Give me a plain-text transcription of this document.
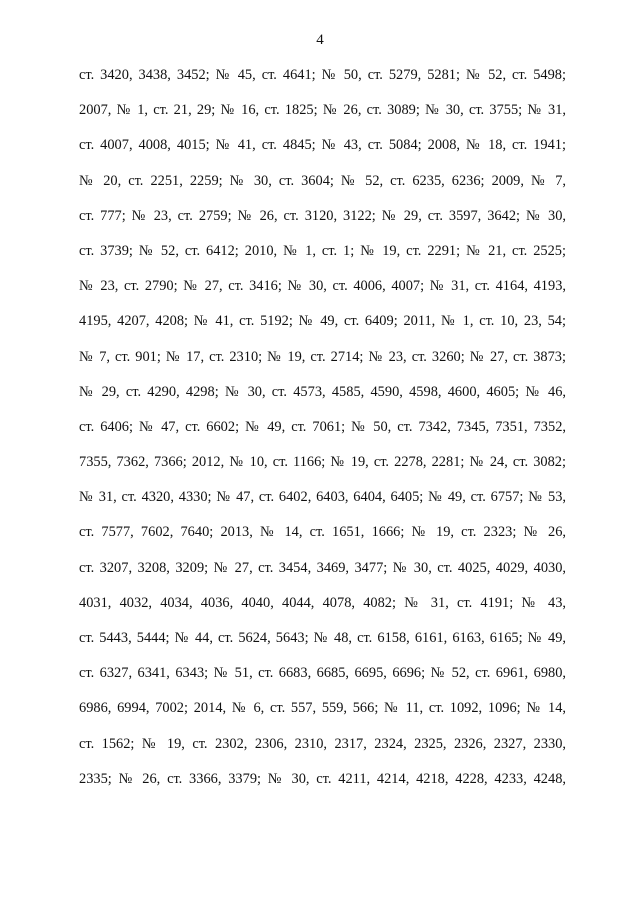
4
ст. 3420, 3438, 3452; № 45, ст. 4641; № 50, ст. 5279, 5281; № 52, ст. 5498;
2007, № 1, ст. 21, 29; № 16, ст. 1825; № 26, ст. 3089; № 30, ст. 3755; № 31,
ст. 4007, 4008, 4015; № 41, ст. 4845; № 43, ст. 5084; 2008, № 18, ст. 1941;
№ 20, ст. 2251, 2259; № 30, ст. 3604; № 52, ст. 6235, 6236; 2009, № 7,
ст. 777; № 23, ст. 2759; № 26, ст. 3120, 3122; № 29, ст. 3597, 3642; № 30,
ст. 3739; № 52, ст. 6412; 2010, № 1, ст. 1; № 19, ст. 2291; № 21, ст. 2525;
№ 23, ст. 2790; № 27, ст. 3416; № 30, ст. 4006, 4007; № 31, ст. 4164, 4193,
4195, 4207, 4208; № 41, ст. 5192; № 49, ст. 6409; 2011, № 1, ст. 10, 23, 54;
№ 7, ст. 901; № 17, ст. 2310; № 19, ст. 2714; № 23, ст. 3260; № 27, ст. 3873;
№ 29, ст. 4290, 4298; № 30, ст. 4573, 4585, 4590, 4598, 4600, 4605; № 46,
ст. 6406; № 47, ст. 6602; № 49, ст. 7061; № 50, ст. 7342, 7345, 7351, 7352,
7355, 7362, 7366; 2012, № 10, ст. 1166; № 19, ст. 2278, 2281; № 24, ст. 3082;
№ 31, ст. 4320, 4330; № 47, ст. 6402, 6403, 6404, 6405; № 49, ст. 6757; № 53,
ст. 7577, 7602, 7640; 2013, № 14, ст. 1651, 1666; № 19, ст. 2323; № 26,
ст. 3207, 3208, 3209; № 27, ст. 3454, 3469, 3477; № 30, ст. 4025, 4029, 4030,
4031, 4032, 4034, 4036, 4040, 4044, 4078, 4082; № 31, ст. 4191; № 43,
ст. 5443, 5444; № 44, ст. 5624, 5643; № 48, ст. 6158, 6161, 6163, 6165; № 49,
ст. 6327, 6341, 6343; № 51, ст. 6683, 6685, 6695, 6696; № 52, ст. 6961, 6980,
6986, 6994, 7002; 2014, № 6, ст. 557, 559, 566; № 11, ст. 1092, 1096; № 14,
ст. 1562; № 19, ст. 2302, 2306, 2310, 2317, 2324, 2325, 2326, 2327, 2330,
2335; № 26, ст. 3366, 3379; № 30, ст. 4211, 4214, 4218, 4228, 4233, 4248,
